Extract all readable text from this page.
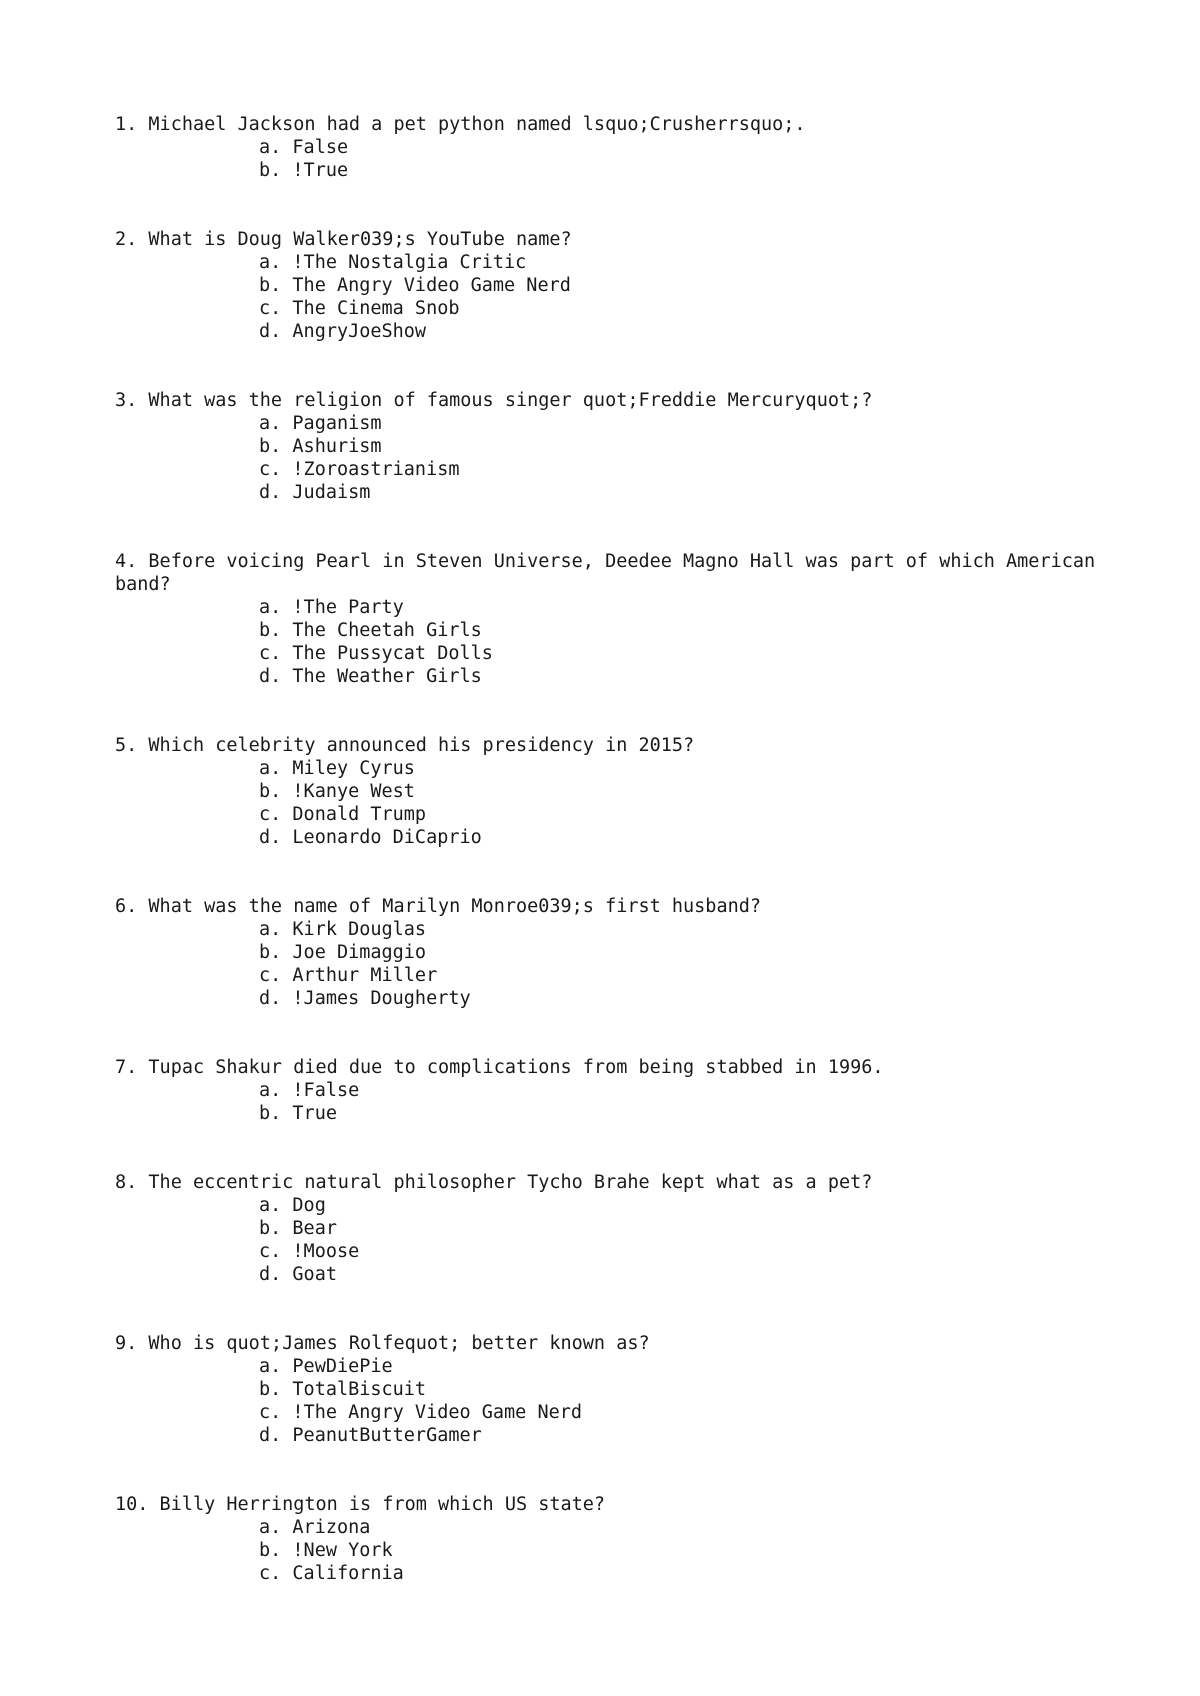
1. Michael Jackson had a pet python named lsquo;Crusherrsquo;.
a. False
b. !True
2. What is Doug Walker039;s YouTube name?
a. !The Nostalgia Critic
b. The Angry Video Game Nerd
c. The Cinema Snob
d. AngryJoeShow
3. What was the religion of famous singer quot;Freddie Mercuryquot;?
a. Paganism
b. Ashurism
c. !Zoroastrianism
d. Judaism
4. Before voicing Pearl in Steven Universe, Deedee Magno Hall was part of which American band?
a. !The Party
b. The Cheetah Girls
c. The Pussycat Dolls
d. The Weather Girls
5. Which celebrity announced his presidency in 2015?
a. Miley Cyrus
b. !Kanye West
c. Donald Trump
d. Leonardo DiCaprio
6. What was the name of Marilyn Monroe039;s first husband?
a. Kirk Douglas
b. Joe Dimaggio
c. Arthur Miller
d. !James Dougherty
7. Tupac Shakur died due to complications from being stabbed in 1996.
a. !False
b. True
8. The eccentric natural philosopher Tycho Brahe kept what as a pet?
a. Dog
b. Bear
c. !Moose
d. Goat
9. Who is quot;James Rolfequot; better known as?
a. PewDiePie
b. TotalBiscuit
c. !The Angry Video Game Nerd
d. PeanutButterGamer
10. Billy Herrington is from which US state?
a. Arizona
b. !New York
c. California
